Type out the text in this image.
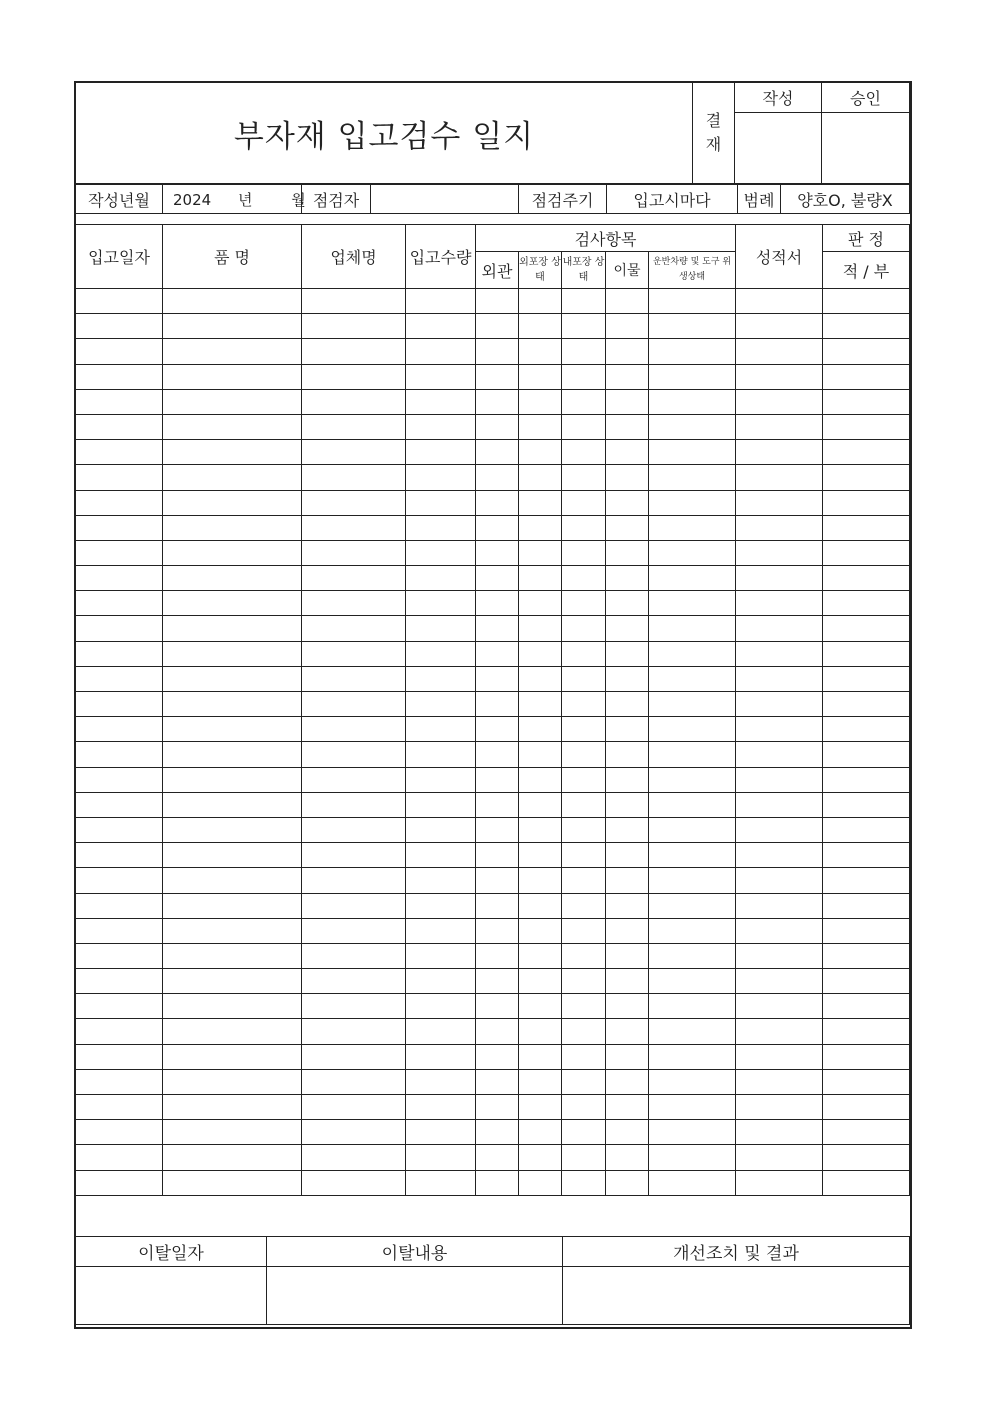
부자재 입고검수 일지	결
재	작성	승인

작성년월	2024 년	월	점검자		점검주기	입고시마다	범례	양호O, 불량X
입고일자	품 명	업체명	입고수량	검사항목					성적서	판 정
				외관	외포장 상태	내포장 상태	이물	운반차량 및 도구 위생상태		적 / 부

이탈일자	이탈내용	개선조치 및 결과
